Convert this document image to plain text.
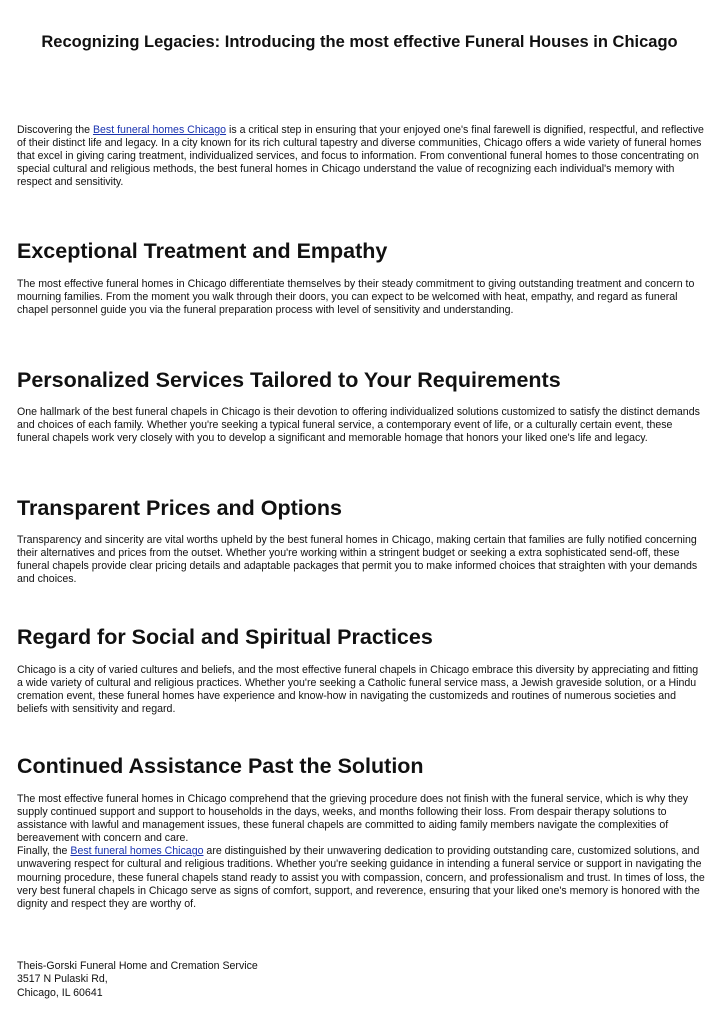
Recognizing Legacies: Introducing the most effective Funeral Houses in Chicago

Discovering the Best funeral homes Chicago is a critical step in ensuring that your enjoyed one's final farewell is dignified, respectful, and reflective of their distinct life and legacy. In a city known for its rich cultural tapestry and diverse communities, Chicago offers a wide variety of funeral homes that excel in giving caring treatment, individualized services, and focus to information. From conventional funeral homes to those concentrating on special cultural and religious methods, the best funeral homes in Chicago understand the value of recognizing each individual's memory with respect and sensitivity.

Exceptional Treatment and Empathy

The most effective funeral homes in Chicago differentiate themselves by their steady commitment to giving outstanding treatment and concern to mourning families. From the moment you walk through their doors, you can expect to be welcomed with heat, empathy, and regard as funeral chapel personnel guide you via the funeral preparation process with level of sensitivity and understanding.

Personalized Services Tailored to Your Requirements

One hallmark of the best funeral chapels in Chicago is their devotion to offering individualized solutions customized to satisfy the distinct demands and choices of each family. Whether you're seeking a typical funeral service, a contemporary event of life, or a culturally certain event, these funeral chapels work very closely with you to develop a significant and memorable homage that honors your liked one's life and legacy.

Transparent Prices and Options

Transparency and sincerity are vital worths upheld by the best funeral homes in Chicago, making certain that families are fully notified concerning their alternatives and prices from the outset. Whether you're working within a stringent budget or seeking a extra sophisticated send-off, these funeral chapels provide clear pricing details and adaptable packages that permit you to make informed choices that straighten with your demands and choices.

Regard for Social and Spiritual Practices

Chicago is a city of varied cultures and beliefs, and the most effective funeral chapels in Chicago embrace this diversity by appreciating and fitting a wide variety of cultural and religious practices. Whether you're seeking a Catholic funeral service mass, a Jewish graveside solution, or a Hindu cremation event, these funeral homes have experience and know-how in navigating the customizeds and routines of numerous societies and beliefs with sensitivity and regard.

Continued Assistance Past the Solution

The most effective funeral homes in Chicago comprehend that the grieving procedure does not finish with the funeral service, which is why they supply continued support and support to households in the days, weeks, and months following their loss. From despair therapy solutions to assistance with lawful and management issues, these funeral chapels are committed to aiding family members navigate the complexities of bereavement with concern and care.
Finally, the Best funeral homes Chicago are distinguished by their unwavering dedication to providing outstanding care, customized solutions, and unwavering respect for cultural and religious traditions. Whether you're seeking guidance in intending a funeral service or support in navigating the mourning procedure, these funeral chapels stand ready to assist you with compassion, concern, and professionalism and trust. In times of loss, the very best funeral chapels in Chicago serve as signs of comfort, support, and reverence, ensuring that your liked one's memory is honored with the dignity and respect they are worthy of.

Theis-Gorski Funeral Home and Cremation Service
3517 N Pulaski Rd,
Chicago, IL 60641
